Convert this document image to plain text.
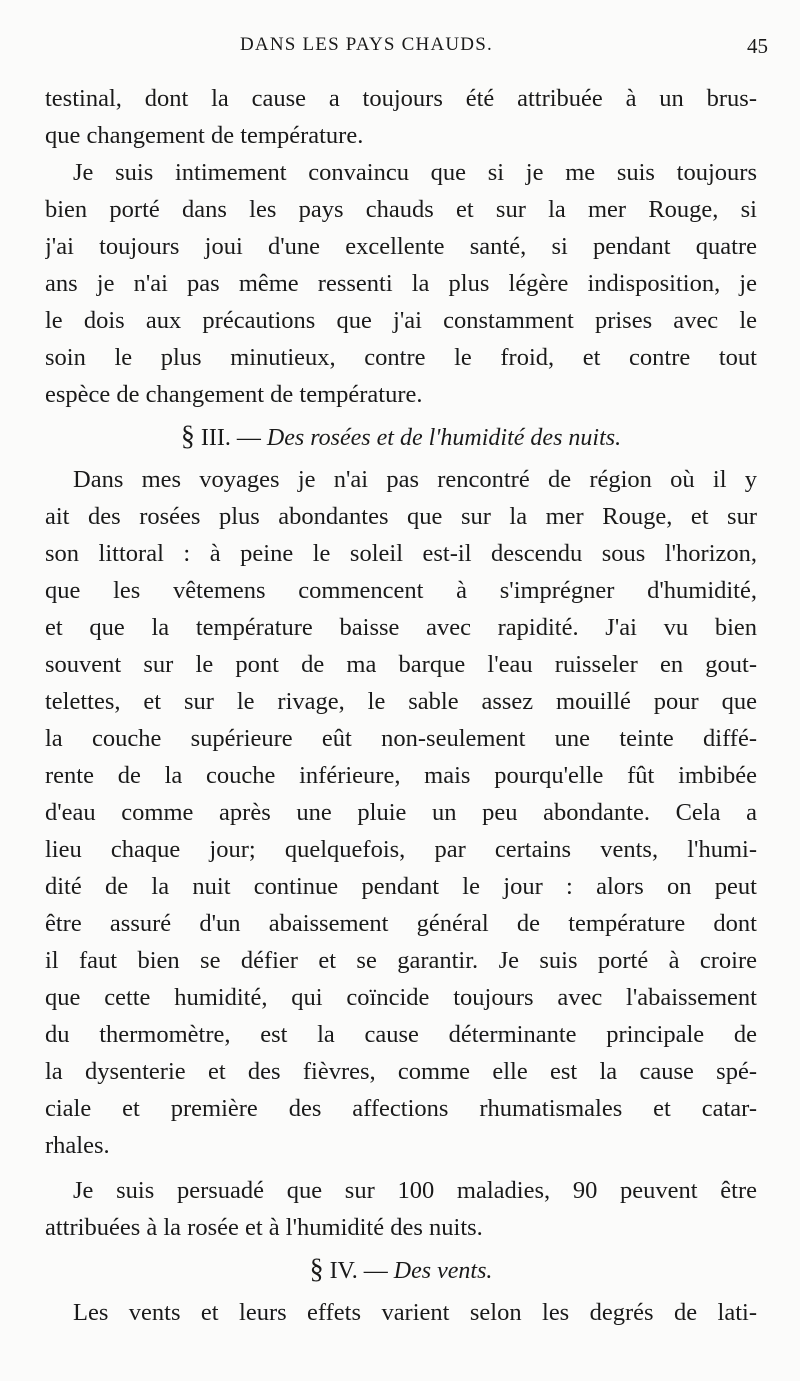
DANS LES PAYS CHAUDS.	45
testinal, dont la cause a toujours été attribuée à un brus-
que changement de température.
Je suis intimement convaincu que si je me suis toujours
bien porté dans les pays chauds et sur la mer Rouge, si
j'ai toujours joui d'une excellente santé, si pendant quatre
ans je n'ai pas même ressenti la plus légère indisposition, je
le dois aux précautions que j'ai constamment prises avec le
soin le plus minutieux, contre le froid, et contre tout
espèce de changement de température.
§ III. — Des rosées et de l'humidité des nuits.
Dans mes voyages je n'ai pas rencontré de région où il y
ait des rosées plus abondantes que sur la mer Rouge, et sur
son littoral : à peine le soleil est-il descendu sous l'horizon,
que les vêtemens commencent à s'imprégner d'humidité,
et que la température baisse avec rapidité. J'ai vu bien
souvent sur le pont de ma barque l'eau ruisseler en gout-
telettes, et sur le rivage, le sable assez mouillé pour que
la couche supérieure eût non-seulement une teinte diffé-
rente de la couche inférieure, mais pourqu'elle fût imbibée
d'eau comme après une pluie un peu abondante. Cela a
lieu chaque jour; quelquefois, par certains vents, l'humi-
dité de la nuit continue pendant le jour : alors on peut
être assuré d'un abaissement général de température dont
il faut bien se défier et se garantir. Je suis porté à croire
que cette humidité, qui coïncide toujours avec l'abaissement
du thermomètre, est la cause déterminante principale de
la dysenterie et des fièvres, comme elle est la cause spé-
ciale et première des affections rhumatismales et catar-
rhales.
Je suis persuadé que sur 100 maladies, 90 peuvent être
attribuées à la rosée et à l'humidité des nuits.
§ IV. — Des vents.
Les vents et leurs effets varient selon les degrés de lati-
